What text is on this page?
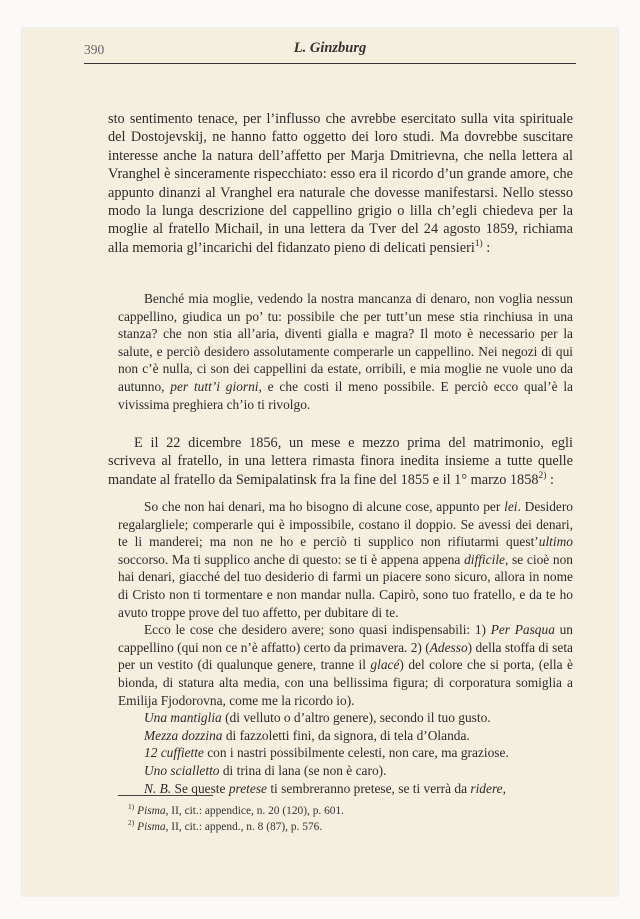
390	L. Ginzburg

sto sentimento tenace, per l’influsso che avrebbe esercitato sulla vita spirituale del Dostojevskij, ne hanno fatto oggetto dei loro studi. Ma dovrebbe suscitare interesse anche la natura dell’affetto per Marja Dmitrievna, che nella lettera al Vranghel è sinceramente rispecchiato: esso era il ricordo d’un grande amore, che appunto dinanzi al Vranghel era naturale che dovesse manifestarsi. Nello stesso modo la lunga descrizione del cappellino grigio o lilla ch’egli chiedeva per la moglie al fratello Michail, in una lettera da Tver del 24 agosto 1859, richiama alla memoria gl’incarichi del fidanzato pieno di delicati pensieri$^{1)}$ :

Benché mia moglie, vedendo la nostra mancanza di denaro, non voglia nessun cappellino, giudica un po’ tu: possibile che per tutt’un mese stia rinchiusa in una stanza? che non stia all’aria, diventi gialla e magra? Il moto è necessario per la salute, e perciò desidero assolutamente comperarle un cappellino. Nei negozi di qui non c’è nulla, ci son dei cappellini da estate, orribili, e mia moglie ne vuole uno da autunno, per tutt’i giorni, e che costi il meno possibile. E perciò ecco qual’è la vivissima preghiera ch’io ti rivolgo.

E il 22 dicembre 1856, un mese e mezzo prima del matrimonio, egli scriveva al fratello, in una lettera rimasta finora inedita insieme a tutte quelle mandate al fratello da Semipalatinsk fra la fine del 1855 e il 1° marzo 1858$^{2)}$ :

So che non hai denari, ma ho bisogno di alcune cose, appunto per lei. Desidero regalargliele; comperarle qui è impossibile, costano il doppio. Se avessi dei denari, te li manderei; ma non ne ho e perciò ti supplico non rifiutarmi quest’ultimo soccorso. Ma ti supplico anche di questo: se ti è appena appena difficile, se cioè non hai denari, giacché del tuo desiderio di farmi un piacere sono sicuro, allora in nome di Cristo non ti tormentare e non mandar nulla. Capirò, sono tuo fratello, e da te ho avuto troppe prove del tuo affetto, per dubitare di te.

Ecco le cose che desidero avere; sono quasi indispensabili: 1) Per Pasqua un cappellino (qui non ce n’è affatto) certo da primavera. 2) (Adesso) della stoffa di seta per un vestito (di qualunque genere, tranne il glacé) del colore che si porta, (ella è bionda, di statura alta media, con una bellissima figura; di corporatura somiglia a Emilija Fjodorovna, come me la ricordo io).

Una mantiglia (di velluto o d’altro genere), secondo il tuo gusto.

Mezza dozzina di fazzoletti fini, da signora, di tela d’Olanda.

12 cuffiette con i nastri possibilmente celesti, non care, ma graziose.

Uno scialletto di trina di lana (se non è caro).

N. B. Se queste pretese ti sembreranno pretese, se ti verrà da ridere,

$^{1)}$ Pisma, II, cit.: appendice, n. 20 (120), p. 601.
$^{2)}$ Pisma, II, cit.: append., n. 8 (87), p. 576.
